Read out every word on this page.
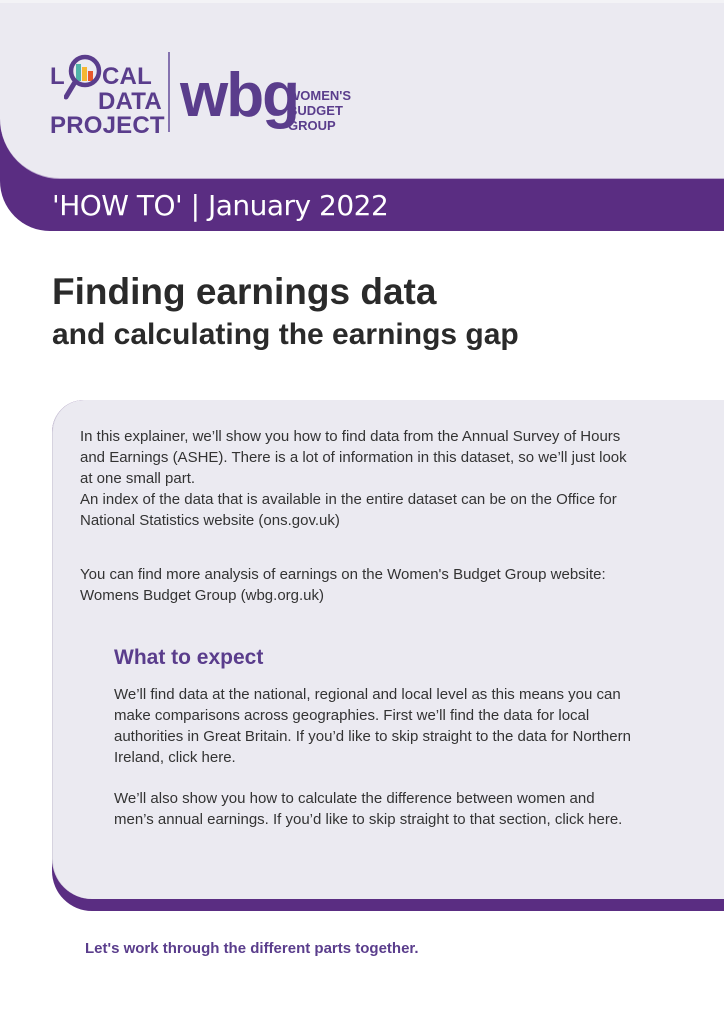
L CAL
DATA
PROJECT wbg
WOMEN'S
BUDGET
GROUP
'HOW TO' | January 2022
Finding earnings data
and calculating the earnings gap

In this explainer, we’ll show you how to find data from the Annual Survey of Hours and Earnings (ASHE). There is a lot of information in this dataset, so we’ll just look at one small part.
An index of the data that is available in the entire dataset can be on the Office for National Statistics website (ons.gov.uk)

You can find more analysis of earnings on the Women's Budget Group website: Womens Budget Group (wbg.org.uk)

What to expect

We’ll find data at the national, regional and local level as this means you can make comparisons across geographies. First we’ll find the data for local authorities in Great Britain. If you’d like to skip straight to the data for Northern Ireland, click here.

We’ll also show you how to calculate the difference between women and men’s annual earnings. If you’d like to skip straight to that section, click here.

Let's work through the different parts together.
